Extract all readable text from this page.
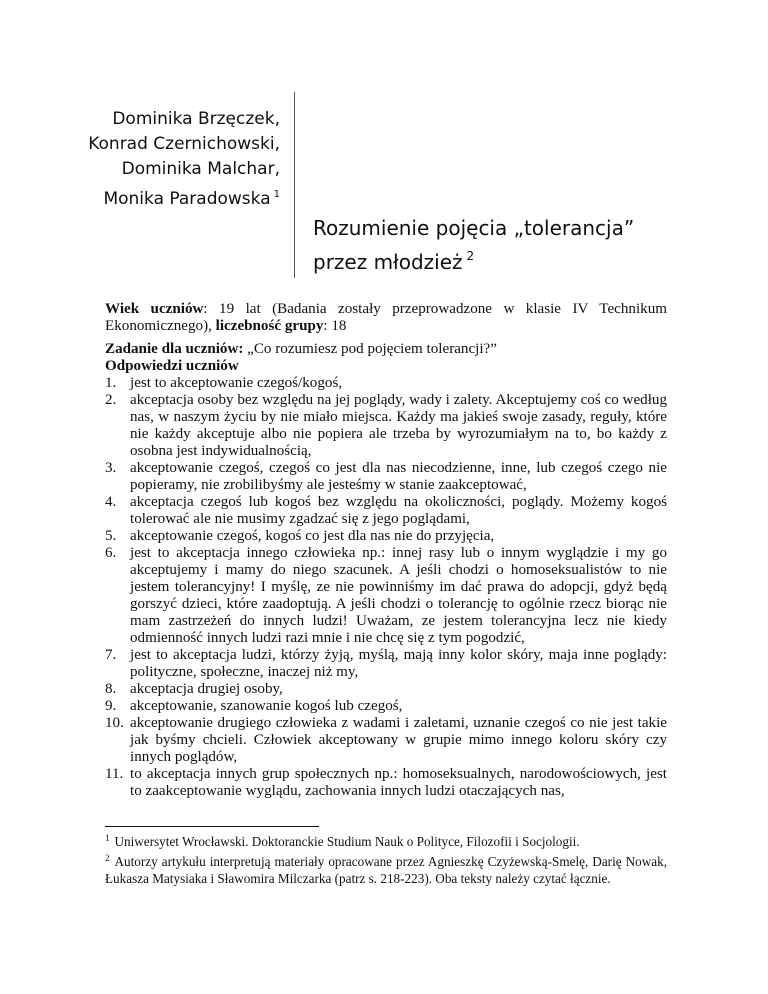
Dominika Brzęczek,
Konrad Czernichowski,
Dominika Malchar,
Monika Paradowska $^1$
Rozumienie pojęcia „tolerancja”
przez młodzież $^2$
Wiek uczniów: 19 lat (Badania zostały przeprowadzone w klasie IV Technikum Ekonomicznego), liczebność grupy: 18
Zadanie dla uczniów: „Co rozumiesz pod pojęciem tolerancji?”
Odpowiedzi uczniów
1. jest to akceptowanie czegoś/kogoś,
2. akceptacja osoby bez względu na jej poglądy, wady i zalety. Akceptujemy coś co według nas, w naszym życiu by nie miało miejsca. Każdy ma jakieś swoje zasady, reguły, które nie każdy akceptuje albo nie popiera ale trzeba by wyrozumiałym na to, bo każdy z osobna jest indywidualnością,
3. akceptowanie czegoś, czegoś co jest dla nas niecodzienne, inne, lub czegoś czego nie popieramy, nie zrobilibyśmy ale jesteśmy w stanie zaakceptować,
4. akceptacja czegoś lub kogoś bez względu na okoliczności, poglądy. Możemy kogoś tolerować ale nie musimy zgadzać się z jego poglądami,
5. akceptowanie czegoś, kogoś co jest dla nas nie do przyjęcia,
6. jest to akceptacja innego człowieka np.: innej rasy lub o innym wyglądzie i my go akceptujemy i mamy do niego szacunek. A jeśli chodzi o homoseksualistów to nie jestem tolerancyjny! I myślę, ze nie powinniśmy im dać prawa do adopcji, gdyż będą gorszyć dzieci, które zaadoptują. A jeśli chodzi o tolerancję to ogólnie rzecz biorąc nie mam zastrzeżeń do innych ludzi! Uważam, ze jestem tolerancyjna lecz nie kiedy odmienność innych ludzi razi mnie i nie chcę się z tym pogodzić,
7. jest to akceptacja ludzi, którzy żyją, myślą, mają inny kolor skóry, maja inne poglądy: polityczne, społeczne, inaczej niż my,
8. akceptacja drugiej osoby,
9. akceptowanie, szanowanie kogoś lub czegoś,
10. akceptowanie drugiego człowieka z wadami i zaletami, uznanie czegoś co nie jest takie jak byśmy chcieli. Człowiek akceptowany w grupie mimo innego koloru skóry czy innych poglądów,
11. to akceptacja innych grup społecznych np.: homoseksualnych, narodowościowych, jest to zaakceptowanie wyglądu, zachowania innych ludzi otaczających nas,
$^1$ Uniwersytet Wrocławski. Doktoranckie Studium Nauk o Polityce, Filozofii i Socjologii.
$^2$ Autorzy artykułu interpretują materiały opracowane przez Agnieszkę Czyżewską-Smelę, Darię Nowak, Łukasza Matysiaka i Sławomira Milczarka (patrz s. 218-223). Oba teksty należy czytać łącznie.
